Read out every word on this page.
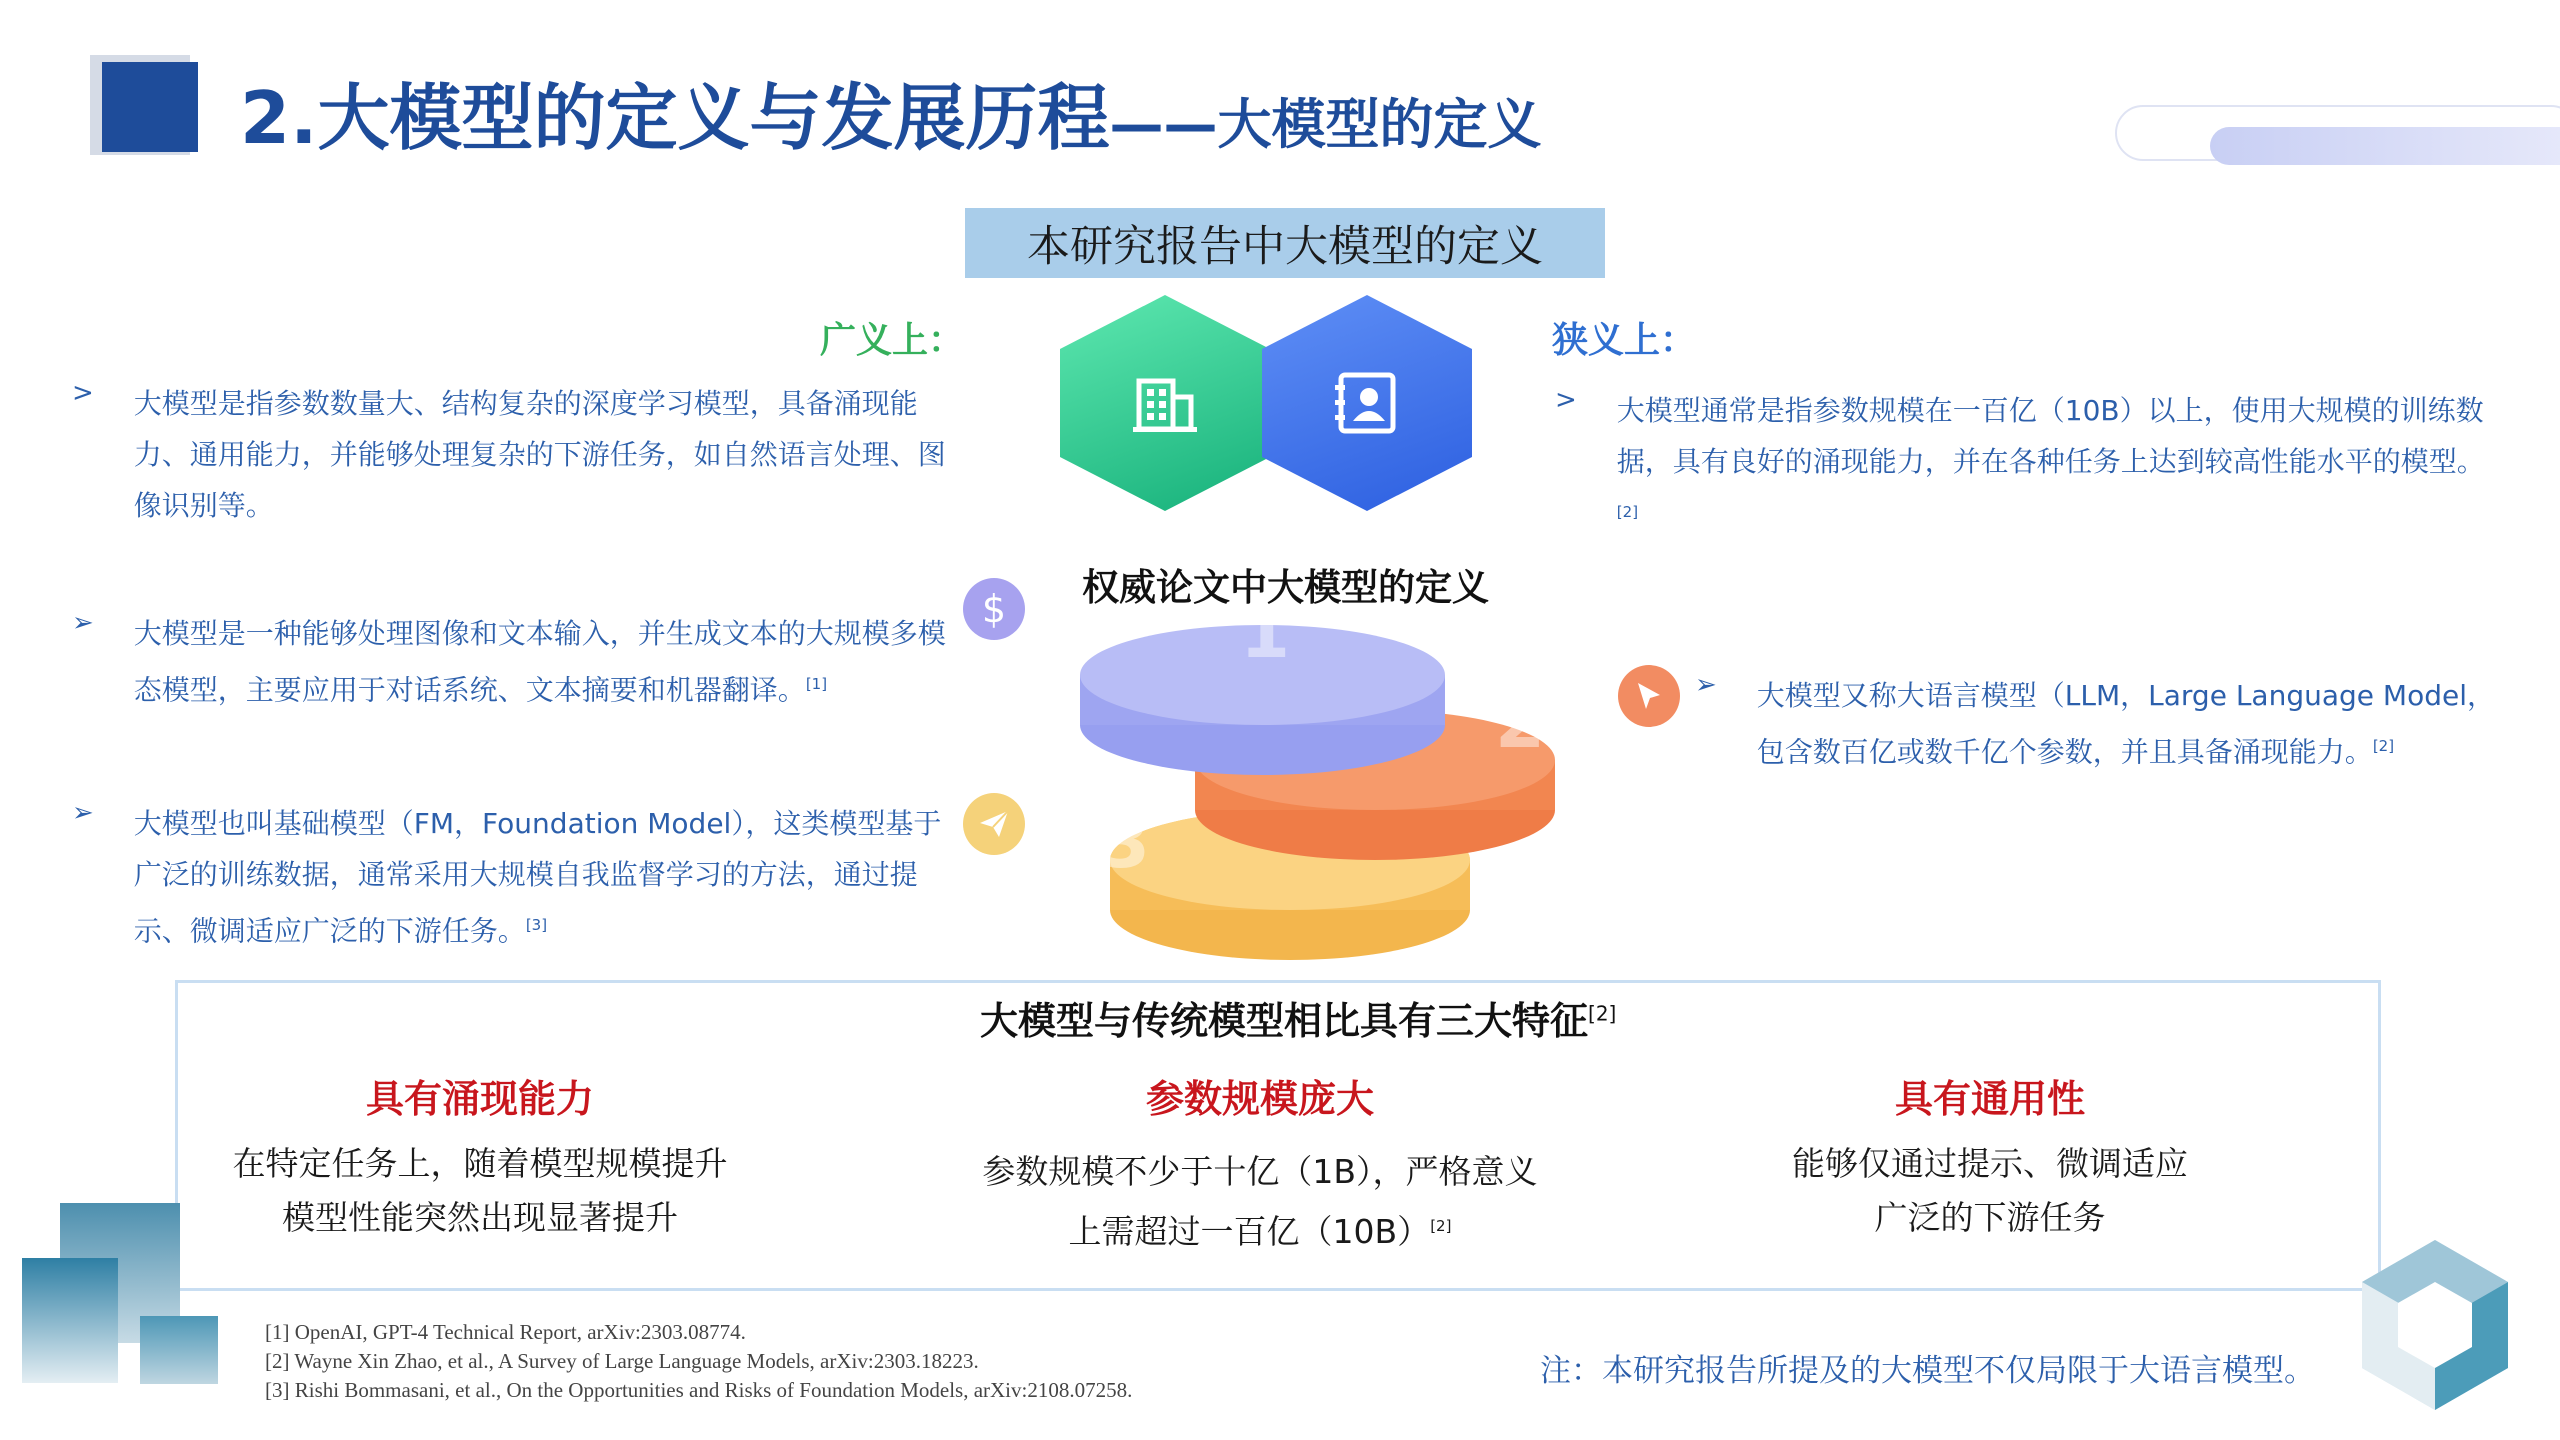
2.大模型的定义与发展历程 ——大模型的定义
本研究报告中大模型的定义
广义上：	狭义上：
> 大模型是指参数数量大、结构复杂的深度学习模型，具备涌现能力、通用能力，并能够处理复杂的下游任务，如自然语言处理、图像识别等。
> 大模型通常是指参数规模在一百亿（10B）以上，使用大规模的训练数据，具有良好的涌现能力，并在各种任务上达到较高性能水平的模型。[2]
$	权威论文中大模型的定义
➢ 大模型是一种能够处理图像和文本输入，并生成文本的大规模多模态模型，主要应用于对话系统、文本摘要和机器翻译。[1]
➢ 大模型也叫基础模型（FM，Foundation Model），这类模型基于广泛的训练数据，通常采用大规模自我监督学习的方法，通过提示、微调适应广泛的下游任务。[3]
➢ 大模型又称大语言模型（LLM，Large Language Model，包含数百亿或数千亿个参数，并且具备涌现能力。[2]
3
2
1
大模型与传统模型相比具有三大特征[2]
具有涌现能力
在特定任务上，随着模型规模提升
模型性能突然出现显著提升
参数规模庞大
参数规模不少于十亿（1B），严格意义
上需超过一百亿（10B）[2]
具有通用性
能够仅通过提示、微调适应
广泛的下游任务
[1] OpenAI, GPT-4 Technical Report, arXiv:2303.08774.
[2] Wayne Xin Zhao, et al., A Survey of Large Language Models, arXiv:2303.18223.
[3] Rishi Bommasani, et al., On the Opportunities and Risks of Foundation Models, arXiv:2108.07258.
注：本研究报告所提及的大模型不仅局限于大语言模型。
